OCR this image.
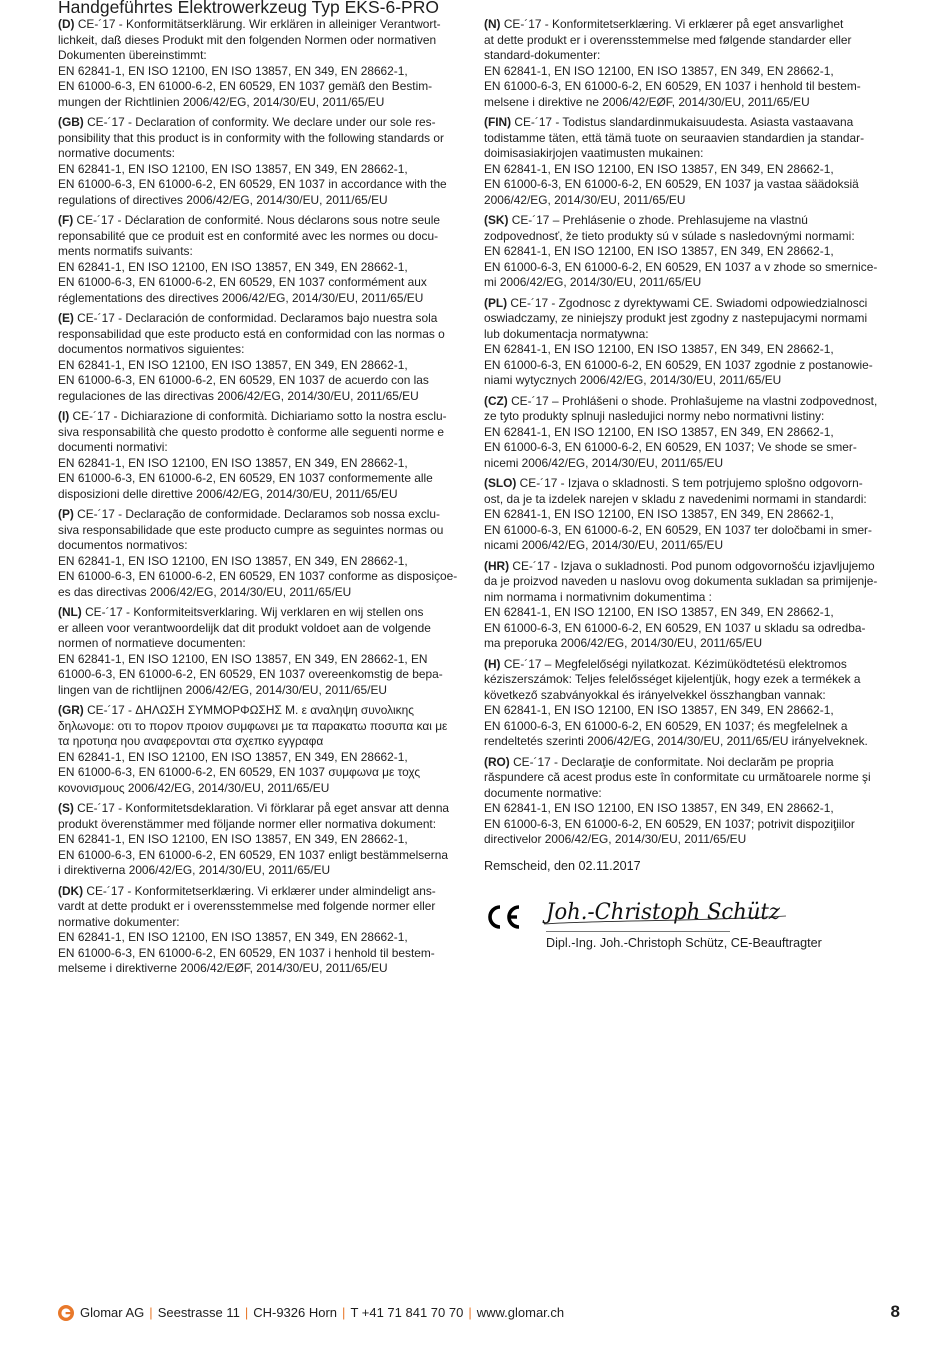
Handgeführtes Elektrowerkzeug Typ EKS-6-PRO
(D) CE-´17 - Konformitätserklärung. Wir erklären in alleiniger Verantwort-
lichkeit, daß dieses Produkt mit den folgenden Normen oder normativen
Dokumenten übereinstimmt:
EN 62841-1, EN ISO 12100, EN ISO 13857, EN 349, EN 28662-1,
EN 61000-6-3, EN 61000-6-2, EN 60529, EN 1037 gemäß den Bestim-
mungen der Richtlinien 2006/42/EG, 2014/30/EU, 2011/65/EU
(GB) CE-´17 - Declaration of conformity. We declare under our sole res-
ponsibility that this product is in conformity with the following standards or
normative documents:
EN 62841-1, EN ISO 12100, EN ISO 13857, EN 349, EN 28662-1,
EN 61000-6-3, EN 61000-6-2, EN 60529, EN 1037 in accordance with the
regulations of directives 2006/42/EG, 2014/30/EU, 2011/65/EU
(F) CE-´17 - Déclaration de conformité. Nous déclarons sous notre seule
reponsabilité que ce produit est en conformité avec les normes ou docu-
ments normatifs suivants:
EN 62841-1, EN ISO 12100, EN ISO 13857, EN 349, EN 28662-1,
EN 61000-6-3, EN 61000-6-2, EN 60529, EN 1037 conformément aux
réglementations des directives 2006/42/EG, 2014/30/EU, 2011/65/EU
(E) CE-´17 - Declaración de conformidad. Declaramos bajo nuestra sola
responsabilidad que este producto está en conformidad con las normas o
documentos normativos siguientes:
EN 62841-1, EN ISO 12100, EN ISO 13857, EN 349, EN 28662-1,
EN 61000-6-3, EN 61000-6-2, EN 60529, EN 1037 de acuerdo con las
regulaciones de las directivas 2006/42/EG, 2014/30/EU, 2011/65/EU
(I) CE-´17 - Dichiarazione di conformità. Dichiariamo sotto la nostra esclu-
siva responsabilità che questo prodotto è conforme alle seguenti norme e
documenti normativi:
EN 62841-1, EN ISO 12100, EN ISO 13857, EN 349, EN 28662-1,
EN 61000-6-3, EN 61000-6-2, EN 60529, EN 1037 conformemente alle
disposizioni delle direttive 2006/42/EG, 2014/30/EU, 2011/65/EU
(P) CE-´17 - Declaração de conformidade. Declaramos sob nossa exclu-
siva responsabilidade que este producto cumpre as seguintes normas ou
documentos normativos:
EN 62841-1, EN ISO 12100, EN ISO 13857, EN 349, EN 28662-1,
EN 61000-6-3, EN 61000-6-2, EN 60529, EN 1037 conforme as disposiçoe-
es das directivas 2006/42/EG, 2014/30/EU, 2011/65/EU
(NL) CE-´17 - Konformiteitsverklaring. Wij verklaren en wij stellen ons
er alleen voor verantwoordelijk dat dit produkt voldoet aan de volgende
normen of normatieve documenten:
EN 62841-1, EN ISO 12100, EN ISO 13857, EN 349, EN 28662-1, EN
61000-6-3, EN 61000-6-2, EN 60529, EN 1037 overeenkomstig de bepa-
lingen van de richtlijnen 2006/42/EG, 2014/30/EU, 2011/65/EU
(GR) CE-´17 - ΔΗΛΩΣΗ ΣΥΜΜΟΡΦΩΣΗΣ Μ. ε αναληψη συνολικης
δηλωνομε: οτι το πορον προιον συμφωνει με τα παρακατω ποσυπα και με
τα ηροτυηα ηου αναφερονται στα σχεπκο εγγραφα
EN 62841-1, EN ISO 12100, EN ISO 13857, EN 349, EN 28662-1,
EN 61000-6-3, EN 61000-6-2, EN 60529, EN 1037 συμφωνα με τοχς
κονονισμους 2006/42/EG, 2014/30/EU, 2011/65/EU
(S) CE-´17 - Konformitetsdeklaration. Vi förklarar på eget ansvar att denna
produkt överenstämmer med följande normer eller normativa dokument:
EN 62841-1, EN ISO 12100, EN ISO 13857, EN 349, EN 28662-1,
EN 61000-6-3, EN 61000-6-2, EN 60529, EN 1037 enligt bestämmelserna
i direktiverna 2006/42/EG, 2014/30/EU, 2011/65/EU
(DK) CE-´17 - Konformitetserklæring. Vi erklærer under almindeligt ans-
vardt at dette produkt er i overensstemmelse med folgende normer eller
normative dokumenter:
EN 62841-1, EN ISO 12100, EN ISO 13857, EN 349, EN 28662-1,
EN 61000-6-3, EN 61000-6-2, EN 60529, EN 1037 i henhold til bestem-
melseme i direktiverne 2006/42/EØF, 2014/30/EU, 2011/65/EU
(N) CE-´17 - Konformitetserklæring. Vi erklærer på eget ansvarlighet
at dette produkt er i overensstemmelse med følgende standarder eller
standard-dokumenter:
EN 62841-1, EN ISO 12100, EN ISO 13857, EN 349, EN 28662-1,
EN 61000-6-3, EN 61000-6-2, EN 60529, EN 1037 i henhold til bestem-
melsene i direktive ne 2006/42/EØF, 2014/30/EU, 2011/65/EU
(FIN) CE-´17 - Todistus slandardinmukaisuudesta. Asiasta vastaavana
todistamme täten, että tämä tuote on seuraavien standardien ja standar-
doimisasiakirjojen vaatimusten mukainen:
EN 62841-1, EN ISO 12100, EN ISO 13857, EN 349, EN 28662-1,
EN 61000-6-3, EN 61000-6-2, EN 60529, EN 1037 ja vastaa säädoksiä
2006/42/EG, 2014/30/EU, 2011/65/EU
(SK) CE-´17 – Prehlásenie o zhode. Prehlasujeme na vlastnú
zodpovednosť, že tieto produkty sú v súlade s nasledovnými normami:
EN 62841-1, EN ISO 12100, EN ISO 13857, EN 349, EN 28662-1,
EN 61000-6-3, EN 61000-6-2, EN 60529, EN 1037 a v zhode so smernice-
mi 2006/42/EG, 2014/30/EU, 2011/65/EU
(PL) CE-´17 - Zgodnosc z dyrektywami CE. Swiadomi odpowiedzialnosci
oswiadczamy, ze niniejszy produkt jest zgodny z nastepujacymi normami
lub dokumentacja normatywna:
EN 62841-1, EN ISO 12100, EN ISO 13857, EN 349, EN 28662-1,
EN 61000-6-3, EN 61000-6-2, EN 60529, EN 1037 zgodnie z postanowie-
niami wytycznych 2006/42/EG, 2014/30/EU, 2011/65/EU
(CZ) CE-´17 – Prohlášeni o shode. Prohlašujeme na vlastni zodpovednost,
ze tyto produkty splnuji nasledujici normy nebo normativni listiny:
EN 62841-1, EN ISO 12100, EN ISO 13857, EN 349, EN 28662-1,
EN 61000-6-3, EN 61000-6-2, EN 60529, EN 1037; Ve shode se smer-
nicemi 2006/42/EG, 2014/30/EU, 2011/65/EU
(SLO) CE-´17 - Izjava o skladnosti. S tem potrjujemo splošno odgovorn-
ost, da je ta izdelek narejen v skladu z navedenimi normami in standardi:
EN 62841-1, EN ISO 12100, EN ISO 13857, EN 349, EN 28662-1,
EN 61000-6-3, EN 61000-6-2, EN 60529, EN 1037 ter določbami in smer-
nicami 2006/42/EG, 2014/30/EU, 2011/65/EU
(HR) CE-´17 - Izjava o sukladnosti. Pod punom odgovornošću izjavljujemo
da je proizvod naveden u naslovu ovog dokumenta sukladan sa primijenje-
nim normama i normativnim dokumentima :
EN 62841-1, EN ISO 12100, EN ISO 13857, EN 349, EN 28662-1,
EN 61000-6-3, EN 61000-6-2, EN 60529, EN 1037 u skladu sa odredba-
ma preporuka 2006/42/EG, 2014/30/EU, 2011/65/EU
(H) CE-´17 – Megfelelőségi nyilatkozat. Kézimüködtetésü elektromos
kéziszerszámok: Teljes felelősséget kijelentjük, hogy ezek a termékek a
következő szabványokkal és irányelvekkel összhangban vannak:
EN 62841-1, EN ISO 12100, EN ISO 13857, EN 349, EN 28662-1,
EN 61000-6-3, EN 61000-6-2, EN 60529, EN 1037; és megfelelnek a
rendeltetés szerinti 2006/42/EG, 2014/30/EU, 2011/65/EU irányelveknek.
(RO) CE-´17 - Declaraţie de conformitate. Noi declarăm pe propria
răspundere că acest produs este în conformitate cu următoarele norme şi
documente normative:
EN 62841-1, EN ISO 12100, EN ISO 13857, EN 349, EN 28662-1,
EN 61000-6-3, EN 61000-6-2, EN 60529, EN 1037; potrivit dispoziţiilor
directivelor 2006/42/EG, 2014/30/EU, 2011/65/EU
Remscheid, den 02.11.2017
Joh.-Christoph Schütz
Dipl.-Ing. Joh.-Christoph Schütz, CE-Beauftragter
Glomar AG | Seestrasse 11 | CH-9326 Horn | T +41 71 841 70 70 | www.glomar.ch	8
